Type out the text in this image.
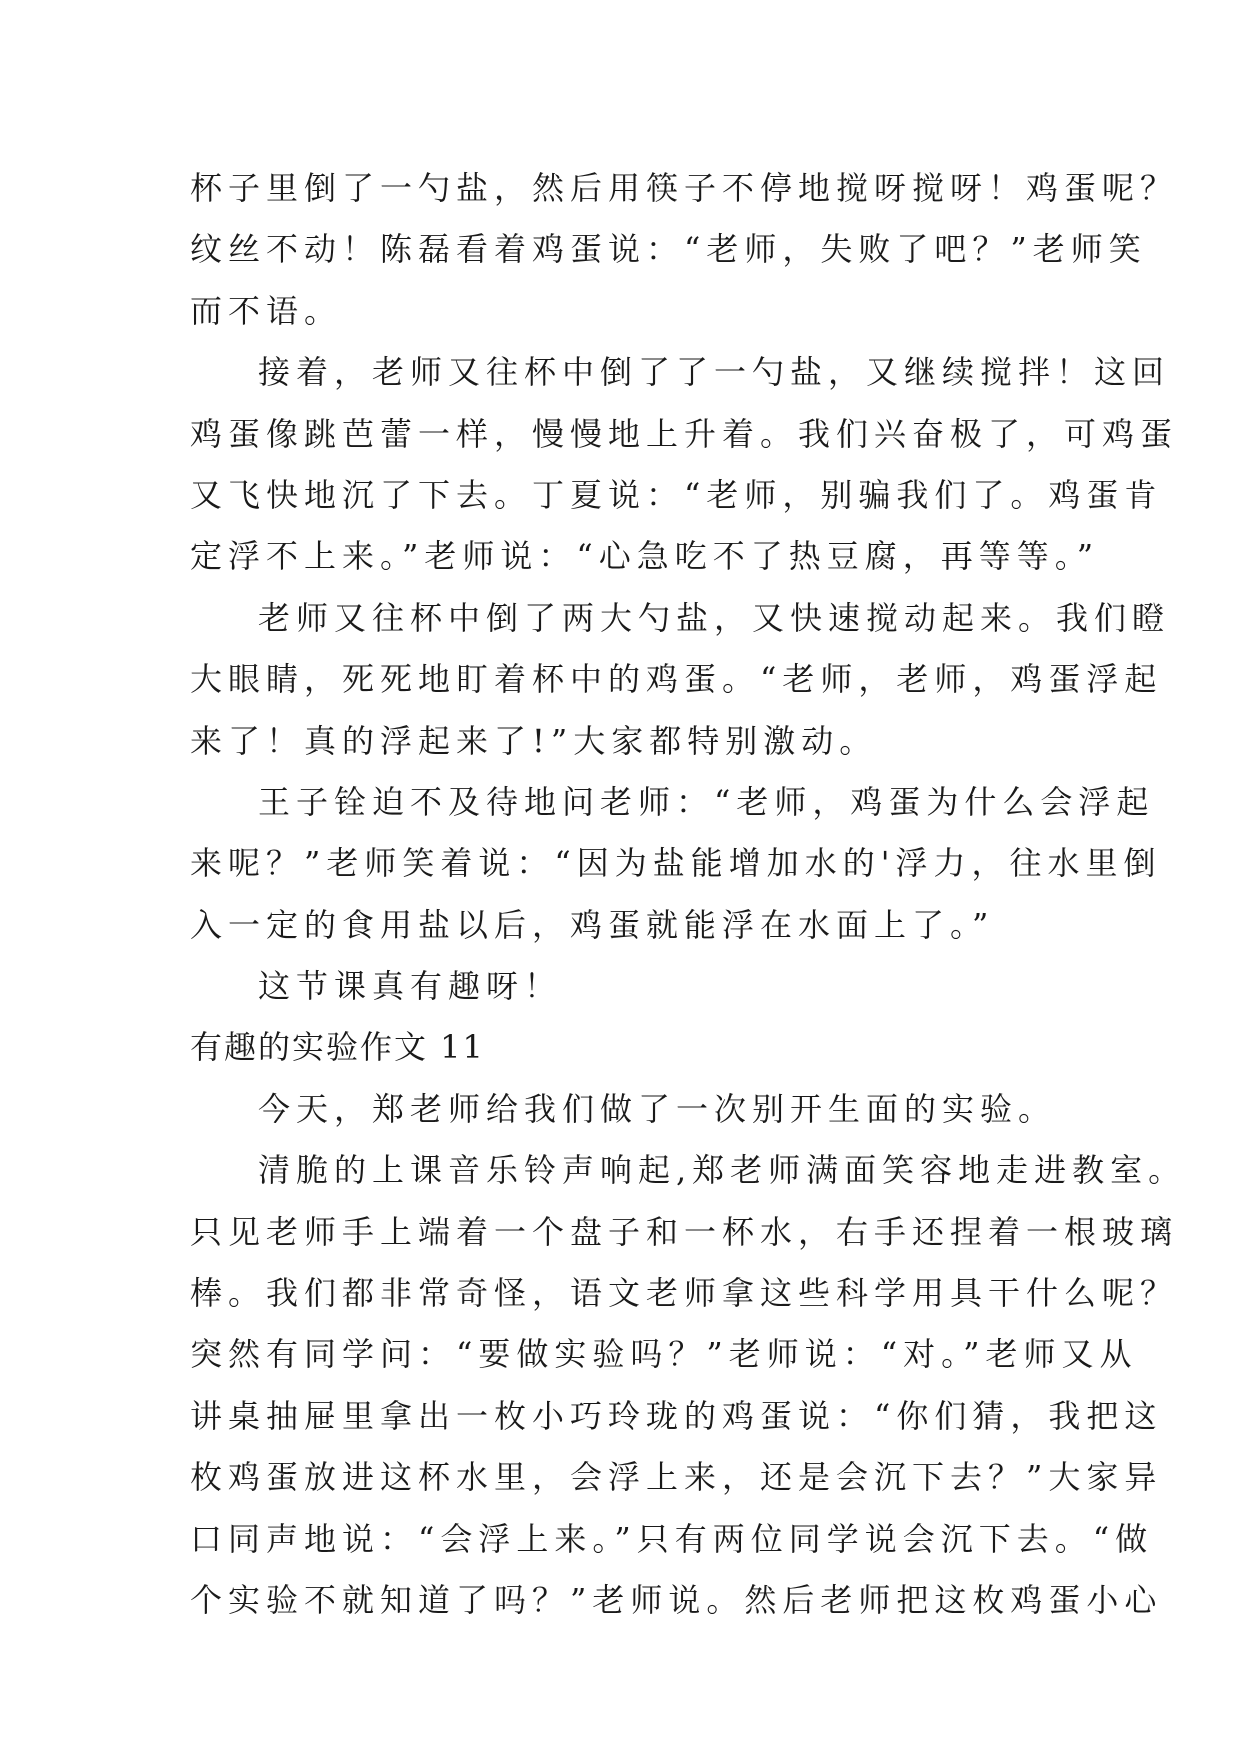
杯子里倒了一勺盐，然后用筷子不停地搅呀搅呀！鸡蛋呢？
纹丝不动！陈磊看着鸡蛋说：“老师，失败了吧？”老师笑
而不语。
接着，老师又往杯中倒了了一勺盐，又继续搅拌！这回
鸡蛋像跳芭蕾一样，慢慢地上升着。我们兴奋极了，可鸡蛋
又飞快地沉了下去。丁夏说：“老师，别骗我们了。鸡蛋肯
定浮不上来。”老师说：“心急吃不了热豆腐，再等等。”
老师又往杯中倒了两大勺盐，又快速搅动起来。我们瞪
大眼睛，死死地盯着杯中的鸡蛋。“老师，老师，鸡蛋浮起
来了！真的浮起来了!”大家都特别激动。
王子铨迫不及待地问老师：“老师，鸡蛋为什么会浮起
来呢？”老师笑着说：“因为盐能增加水的'浮力，往水里倒
入一定的食用盐以后，鸡蛋就能浮在水面上了。”
这节课真有趣呀！
有趣的实验作文 11
今天，郑老师给我们做了一次别开生面的实验。
清脆的上课音乐铃声响起,郑老师满面笑容地走进教室。
只见老师手上端着一个盘子和一杯水，右手还捏着一根玻璃
棒。我们都非常奇怪，语文老师拿这些科学用具干什么呢？
突然有同学问：“要做实验吗？”老师说：“对。”老师又从
讲桌抽屉里拿出一枚小巧玲珑的鸡蛋说：“你们猜，我把这
枚鸡蛋放进这杯水里，会浮上来，还是会沉下去？”大家异
口同声地说：“会浮上来。”只有两位同学说会沉下去。“做
个实验不就知道了吗？”老师说。然后老师把这枚鸡蛋小心
